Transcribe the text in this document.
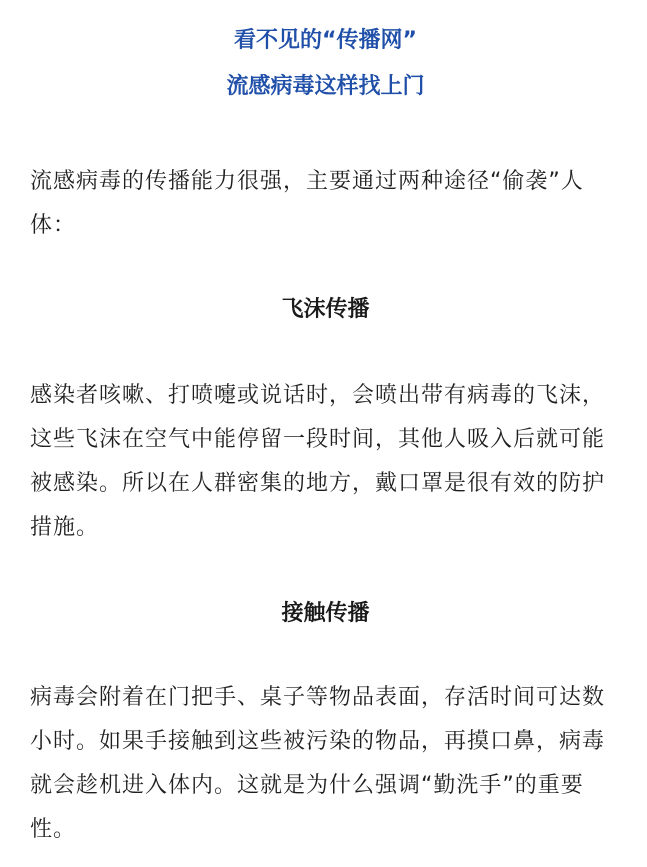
看不见的“传播网”

流感病毒这样找上门

流感病毒的传播能力很强，主要通过两种途径“偷袭”人体：

飞沫传播

感染者咳嗽、打喷嚏或说话时，会喷出带有病毒的飞沫，这些飞沫在空气中能停留一段时间，其他人吸入后就可能被感染。所以在人群密集的地方，戴口罩是很有效的防护措施。

接触传播

病毒会附着在门把手、桌子等物品表面，存活时间可达数小时。如果手接触到这些被污染的物品，再摸口鼻，病毒就会趁机进入体内。这就是为什么强调“勤洗手”的重要性。
